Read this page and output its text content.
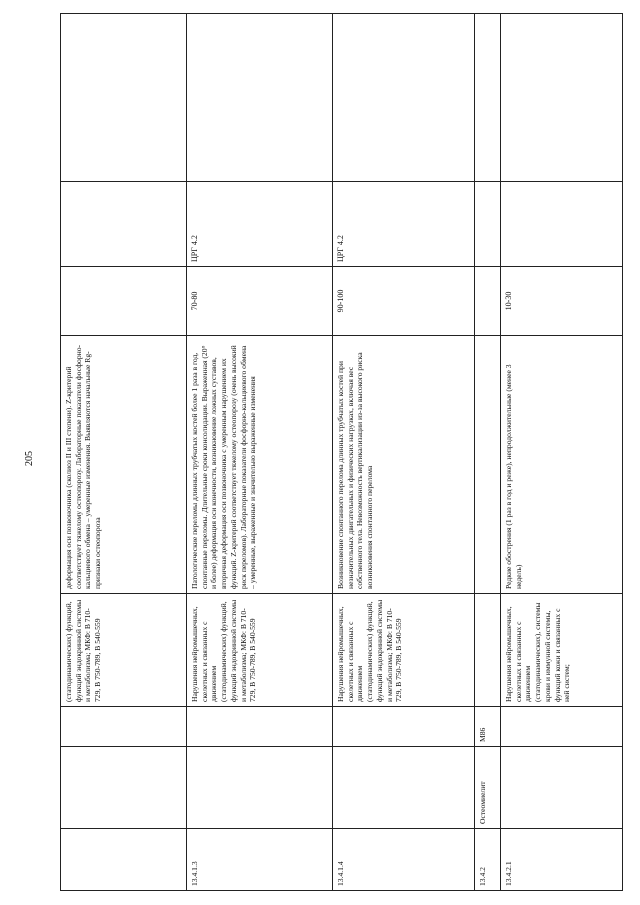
205
			(статодинамических) функций, функций эндокринной системы и метаболизма; МКФ: В 710-729, В 750-789, В 540-559	деформация оси позвоночника (сколиоз II и III степени). Z-критерий соответствует тяжелому остеопорозу. Лабораторные показатели фосфорно-кальциевого обмена – умеренные изменения. Выявляются начальные Rg-признаки остеопороза			
13.4.1.3			Нарушения нейромышечных, скелетных и связанных с движением (статодинамических) функций, функций эндокринной системы и метаболизма; МКФ: В 710-729, В 750-789, В 540-559	Патологические переломы длинных трубчатых костей более 1 раза в год, спонтанные переломы. Длительные сроки консолидации. Выраженная (20° и более) деформация оси конечности, возникновение ложных суставов, вторичная деформация оси позвоночника с умеренным нарушением их функций. Z-критерий соответствует тяжелому остеопорозу (очень высокий риск переломов). Лабораторные показатели фосфорно-кальциевого обмена – умеренные, выраженные и значительно выраженные изменения	70-80	ЦРГ 4.2	
13.4.1.4			Нарушения нейромышечных, скелетных и связанных с движением (статодинамических) функций, функций эндокринной системы и метаболизма; МКФ: В 710-729, В 750-789, В 540-559	Возникновение спонтанного перелома длинных трубчатых костей при незначительных двигательных и физических нагрузках, включая вес собственного тела. Невозможность вертикализации из-за высокого риска возникновения спонтанного перелома	90-100	ЦРГ 4.2	
13.4.2	Остеомиелит	М86					
13.4.2.1			Нарушения нейромышечных, скелетных и связанных с движением (статодинамических), системы крови и иммунной системы, функций кожи и связанных с ней систем;	Редкие обострения (1 раз в год и реже), непродолжительные (менее 3 недель)	10-30		
